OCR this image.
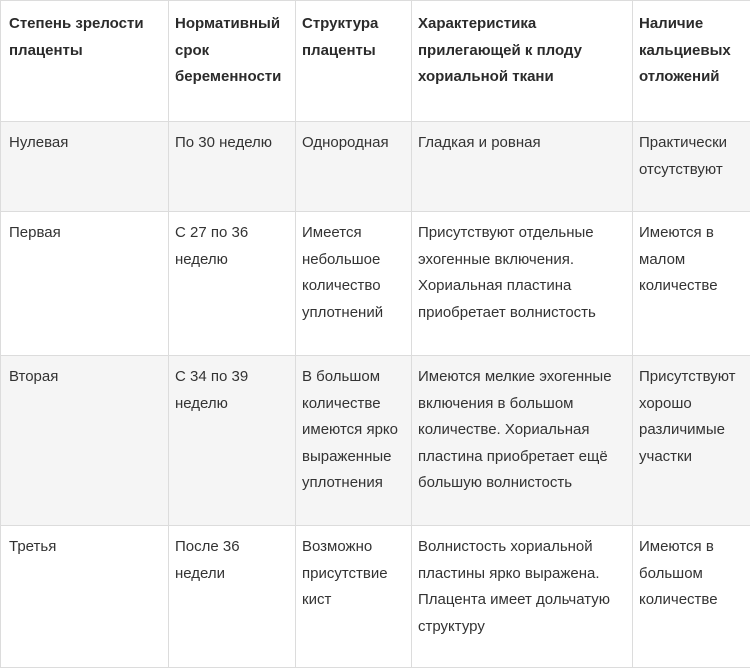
Степень зрелости плаценты	Нормативный срок беременности	Структура плаценты	Характеристика прилегающей к плоду хориальной ткани	Наличие кальциевых отложений
Нулевая	По 30 неделю	Однородная	Гладкая и ровная	Практически отсутствуют
Первая	С 27 по 36 неделю	Имеется небольшое количество уплотнений	Присутствуют отдельные эхогенные включения. Хориальная пластина приобретает волнистость	Имеются в малом количестве
Вторая	С 34 по 39 неделю	В большом количестве имеются ярко выраженные уплотнения	Имеются мелкие эхогенные включения в большом количестве. Хориальная пластина приобретает ещё большую волнистость	Присутствуют хорошо различимые участки
Третья	После 36 недели	Возможно присутствие кист	Волнистость хориальной пластины ярко выражена. Плацента имеет дольчатую структуру	Имеются в большом количестве
